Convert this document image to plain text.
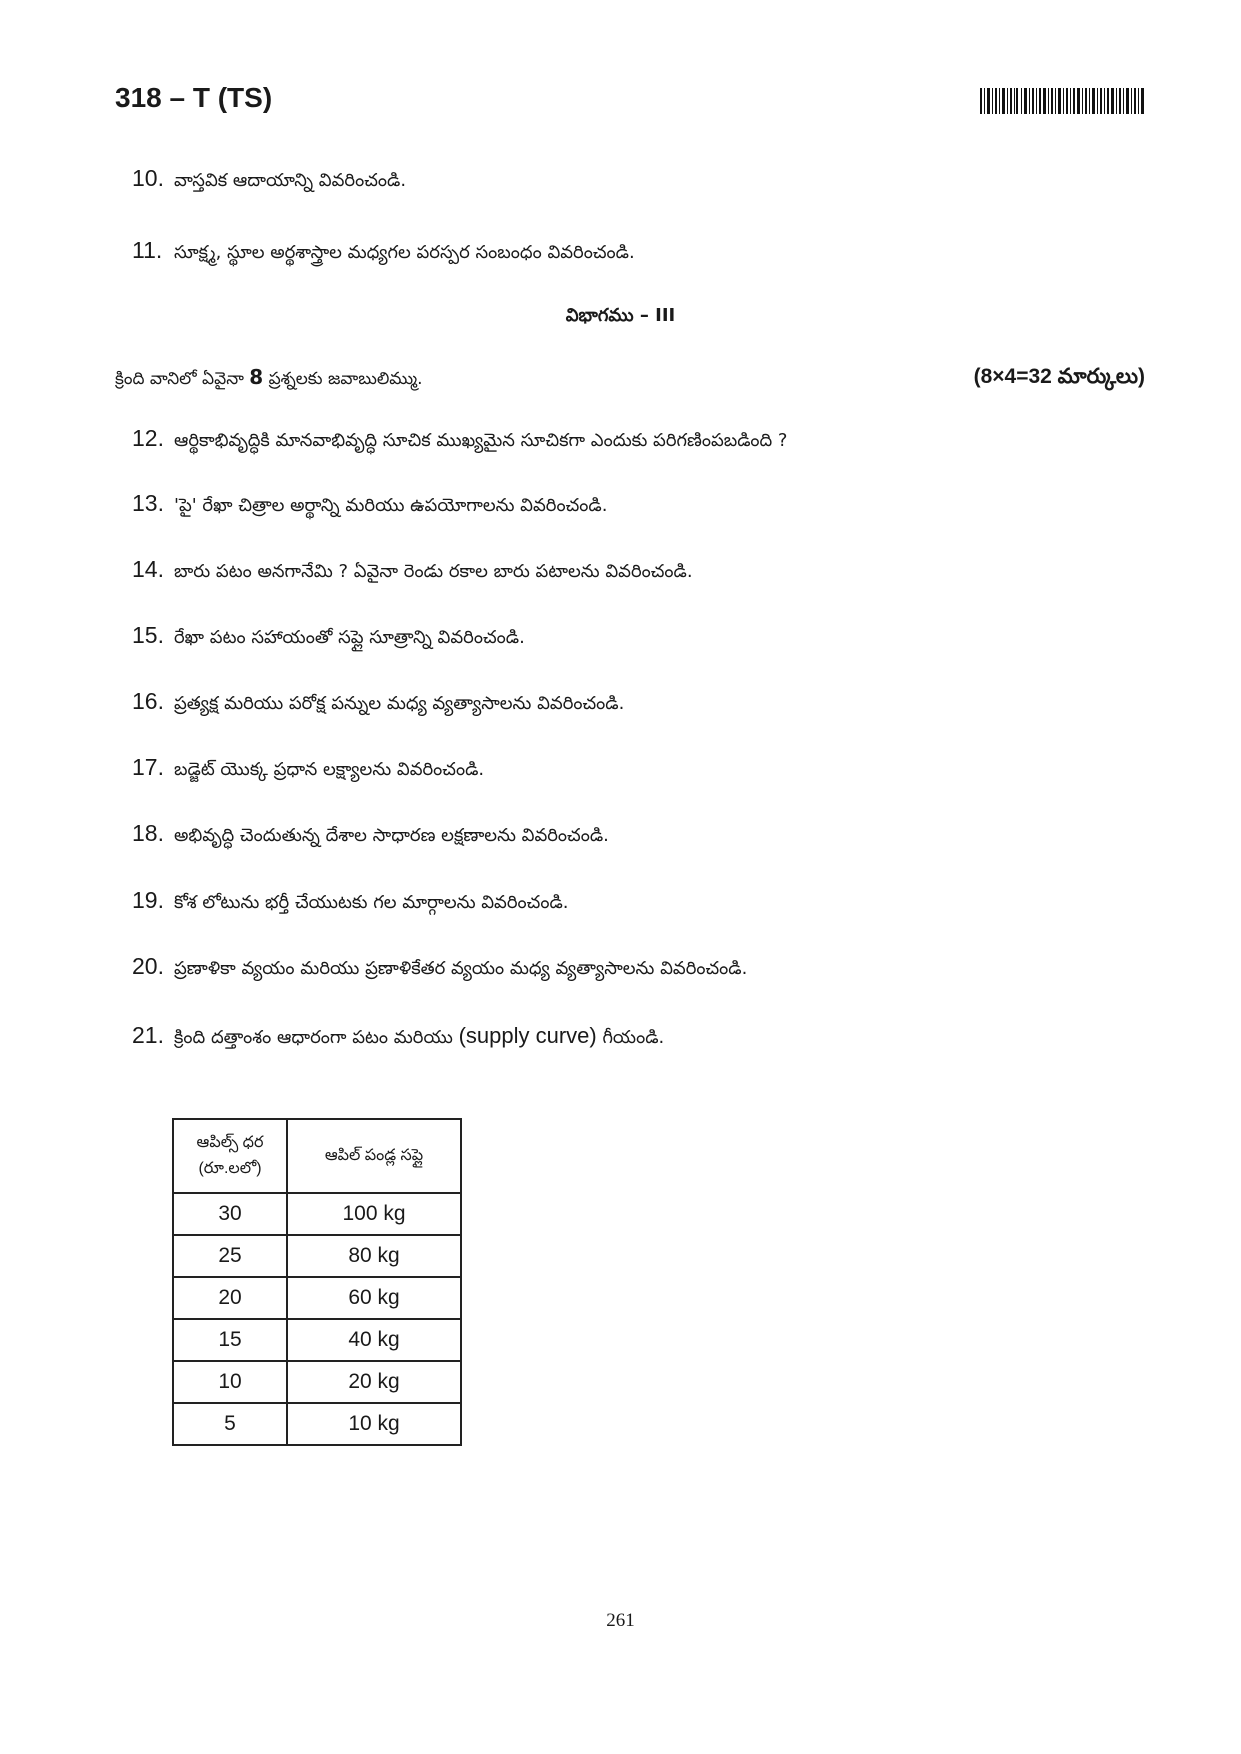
318 – T (TS)
10. వాస్తవిక ఆదాయాన్ని వివరించండి.
11. సూక్ష్మ, స్థూల అర్థశాస్త్రాల మధ్యగల పరస్పర సంబంధం వివరించండి.
విభాగము – III
క్రింది వానిలో ఏవైనా 8 ప్రశ్నలకు జవాబులిమ్ము.	(8×4=32 మార్కులు)
12. ఆర్థికాభివృద్ధికి మానవాభివృద్ధి సూచిక ముఖ్యమైన సూచికగా ఎందుకు పరిగణింపబడింది ?
13. 'పై' రేఖా చిత్రాల అర్థాన్ని మరియు ఉపయోగాలను వివరించండి.
14. బారు పటం అనగానేమి ? ఏవైనా రెండు రకాల బారు పటాలను వివరించండి.
15. రేఖా పటం సహాయంతో సప్లై సూత్రాన్ని వివరించండి.
16. ప్రత్యక్ష మరియు పరోక్ష పన్నుల మధ్య వ్యత్యాసాలను వివరించండి.
17. బడ్జెట్ యొక్క ప్రధాన లక్ష్యాలను వివరించండి.
18. అభివృద్ధి చెందుతున్న దేశాల సాధారణ లక్షణాలను వివరించండి.
19. కోశ లోటును భర్తీ చేయుటకు గల మార్గాలను వివరించండి.
20. ప్రణాళికా వ్యయం మరియు ప్రణాళికేతర వ్యయం మధ్య వ్యత్యాసాలను వివరించండి.
21. క్రింది దత్తాంశం ఆధారంగా పటం మరియు (supply curve) గీయండి.
ఆపిల్స్ ధర
(రూ.లలో)	ఆపిల్ పండ్ల సప్లై
30	100 kg
25	80 kg
20	60 kg
15	40 kg
10	20 kg
5	10 kg
261
